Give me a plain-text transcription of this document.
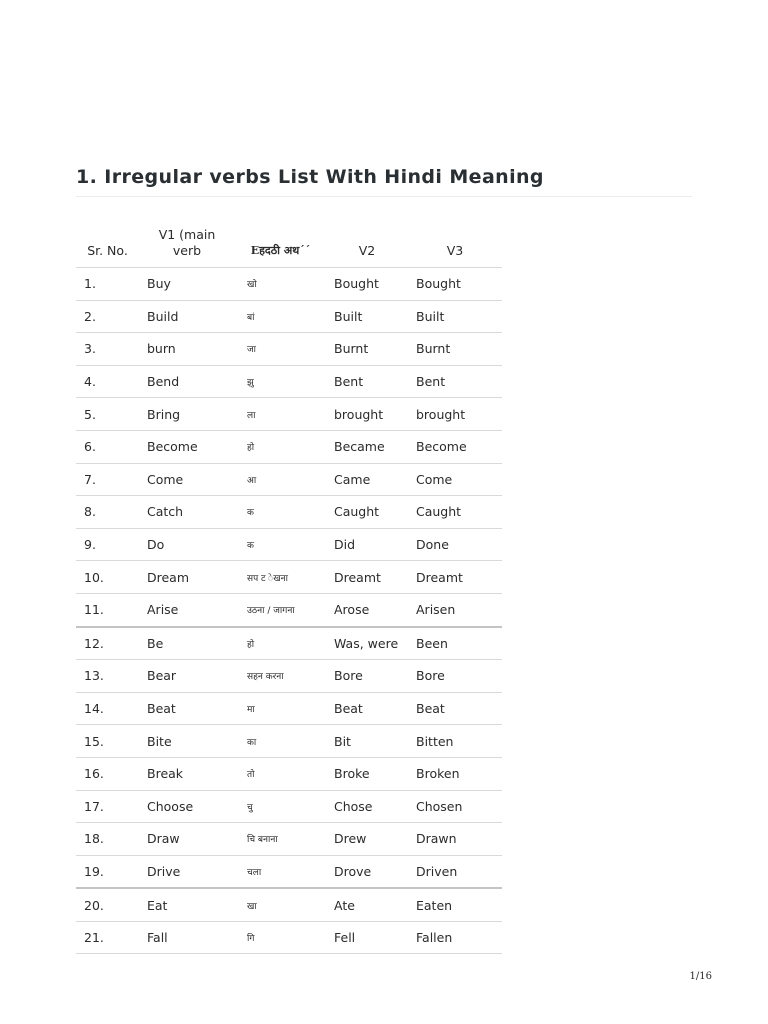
1. Irregular verbs List With Hindi Meaning
Sr. No.	V1 (main verb	Eहदठी अथ´´	V2	V3
1.	Buy	खो	Bought	Bought
2.	Build	बां	Built	Built
3.	burn	जा	Burnt	Burnt
4.	Bend	झु	Bent	Bent
5.	Bring	ला	brought	brought
6.	Become	हो	Became	Become
7.	Come	आ	Came	Come
8.	Catch	क	Caught	Caught
9.	Do	क	Did	Done
10.	Dream	सप ट ेखना	Dreamt	Dreamt
11.	Arise	उठना / जागना	Arose	Arisen
12.	Be	हो	Was, were	Been
13.	Bear	सहन करना	Bore	Bore
14.	Beat	मा	Beat	Beat
15.	Bite	का	Bit	Bitten
16.	Break	तो	Broke	Broken
17.	Choose	चु	Chose	Chosen
18.	Draw	चि बनाना	Drew	Drawn
19.	Drive	चला	Drove	Driven
20.	Eat	खा	Ate	Eaten
21.	Fall	गि	Fell	Fallen
1/16
